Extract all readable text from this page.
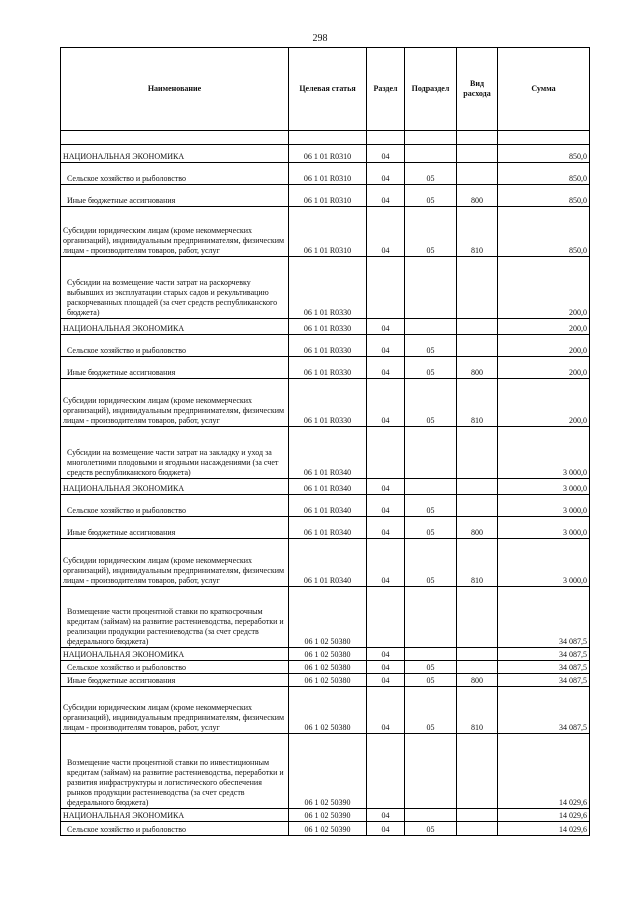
298
Наименование	Целевая статья	Раздел	Подраздел	Вид расхода	Сумма

НАЦИОНАЛЬНАЯ ЭКОНОМИКА	06 1 01 R0310	04			850,0
Сельское хозяйство и рыболовство	06 1 01 R0310	04	05		850,0
Иные бюджетные ассигнования	06 1 01 R0310	04	05	800	850,0
Субсидии юридическим лицам (кроме некоммерческих организаций), индивидуальным предпринимателям, физическим лицам - производителям товаров, работ, услуг	06 1 01 R0310	04	05	810	850,0
Субсидии на возмещение части затрат на раскорчевку выбывших из эксплуатации старых садов и рекультивацию раскорчеванных площадей (за счет средств республиканского бюджета)	06 1 01 R0330				200,0
НАЦИОНАЛЬНАЯ ЭКОНОМИКА	06 1 01 R0330	04			200,0
Сельское хозяйство и рыболовство	06 1 01 R0330	04	05		200,0
Иные бюджетные ассигнования	06 1 01 R0330	04	05	800	200,0
Субсидии юридическим лицам (кроме некоммерческих организаций), индивидуальным предпринимателям, физическим лицам - производителям товаров, работ, услуг	06 1 01 R0330	04	05	810	200,0
Субсидии на возмещение части затрат на закладку и уход за многолетними плодовыми и ягодными насаждениями (за счет средств республиканского бюджета)	06 1 01 R0340				3 000,0
НАЦИОНАЛЬНАЯ ЭКОНОМИКА	06 1 01 R0340	04			3 000,0
Сельское хозяйство и рыболовство	06 1 01 R0340	04	05		3 000,0
Иные бюджетные ассигнования	06 1 01 R0340	04	05	800	3 000,0
Субсидии юридическим лицам (кроме некоммерческих организаций), индивидуальным предпринимателям, физическим лицам - производителям товаров, работ, услуг	06 1 01 R0340	04	05	810	3 000,0
Возмещение части процентной ставки по краткосрочным кредитам (займам) на развитие растениеводства, переработки и реализации продукции растениеводства (за счет средств федерального бюджета)	06 1 02 50380				34 087,5
НАЦИОНАЛЬНАЯ ЭКОНОМИКА	06 1 02 50380	04			34 087,5
Сельское хозяйство и рыболовство	06 1 02 50380	04	05		34 087,5
Иные бюджетные ассигнования	06 1 02 50380	04	05	800	34 087,5
Субсидии юридическим лицам (кроме некоммерческих организаций), индивидуальным предпринимателям, физическим лицам - производителям товаров, работ, услуг	06 1 02 50380	04	05	810	34 087,5
Возмещение части процентной ставки по инвестиционным кредитам (займам) на развитие растениеводства, переработки и развития инфраструктуры и логистического обеспечения рынков продукции растениеводства (за счет средств федерального бюджета)	06 1 02 50390				14 029,6
НАЦИОНАЛЬНАЯ ЭКОНОМИКА	06 1 02 50390	04			14 029,6
Сельское хозяйство и рыболовство	06 1 02 50390	04	05		14 029,6
